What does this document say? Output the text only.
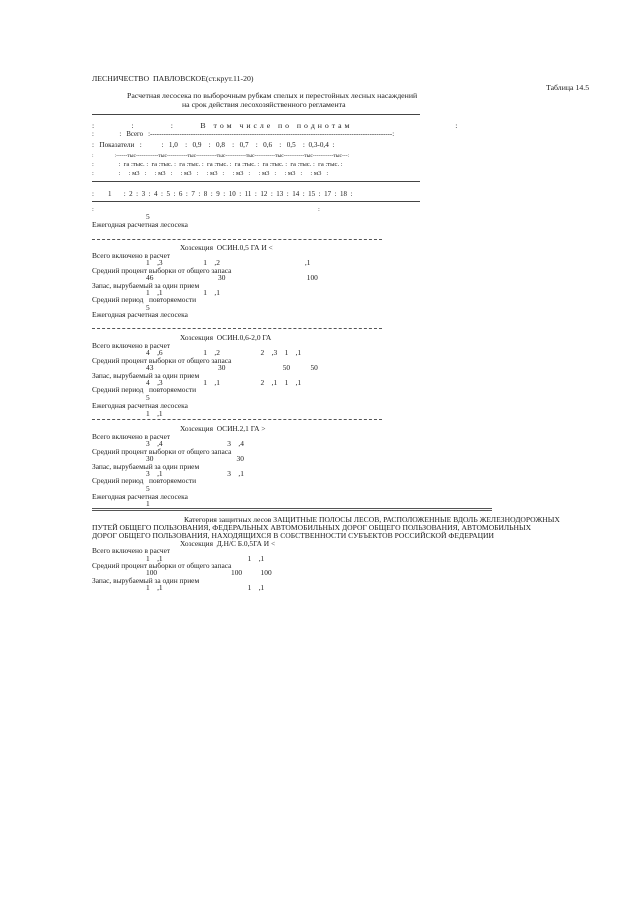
ЛЕСНИЧЕСТВО  ПАВЛОВСКОЕ(ст.крут.11-20)
Таблица 14.5
Расчетная лесосека по выборочным рубкам спелых и перестойных лесных насаждений
на срок действия лесохозяйственного регламента
:               :               :           В   т о м   ч и с л е   п о   п о д н о т а м                                           :
:               :   Всего   :-----------------------------------------------------------------------------------------------------------:
:   Показатели   :           :   1,0    :   0,9    :   0,8    :   0,7    :   0,6    :   0,5    :  0,3-0,4  :
:               :------тыс------------тыс-----------тыс-----------тыс-----------тыс-----------тыс-----------тыс-----------тыс---:
:               :  га :тыс. :  га :тыс. :  га :тыс. :  га :тыс. :  га :тыс. :  га :тыс. :  га :тыс. :  га :тыс. :
:               :     : м3   :     : м3   :     : м3   :     : м3   :     : м3   :     : м3   :     : м3   :     : м3   :
:        1       :  2  :  3  :  4  :  5  :  6  :  7  :  8  :  9  :  10  :  11  :  12  :  13  :  14  :  15  :  17  :  18  :
:                                                                                                                                        :
5
Ежегодная расчетная лесосека
Хозсекция  ОСИН.0,5 ГА И <
Всего включено в расчет
1    ,3                      1    ,2                                              ,1
Средний процент выборки от общего запаса
46                                   30                                            100
Запас, вырубаемый за один прием
1    ,1                      1    ,1
Средний период   повторяемости
5
Ежегодная расчетная лесосека
Хозсекция  ОСИН.0,6-2,0 ГА
Всего включено в расчет
4    ,6                      1    ,2                      2    ,3    1    ,1
Средний процент выборки от общего запаса
43                                   30                               50           50
Запас, вырубаемый за один прием
4    ,3                      1    ,1                      2    ,1    1    ,1
Средний период   повторяемости
5
Ежегодная расчетная лесосека
1    ,1
Хозсекция  ОСИН.2,1 ГА >
Всего включено в расчет
3    ,4                                   3    ,4
Средний процент выборки от общего запаса
30                                             30
Запас, вырубаемый за один прием
3    ,1                                   3    ,1
Средний период   повторяемости
5
Ежегодная расчетная лесосека
1
Категория защитных лесов ЗАЩИТНЫЕ ПОЛОСЫ ЛЕСОВ, РАСПОЛОЖЕННЫЕ ВДОЛЬ ЖЕЛЕЗНОДОРОЖНЫХ
ПУТЕЙ ОБЩЕГО ПОЛЬЗОВАНИЯ, ФЕДЕРАЛЬНЫХ АВТОМОБИЛЬНЫХ ДОРОГ ОБЩЕГО ПОЛЬЗОВАНИЯ, АВТОМОБИЛЬНЫХ
ДОРОГ ОБЩЕГО ПОЛЬЗОВАНИЯ, НАХОДЯЩИХСЯ В СОБСТВЕННОСТИ СУБЪЕКТОВ РОССИЙСКОЙ ФЕДЕРАЦИИ
Хозсекция  Д.Н/С Б.0,5ГА И <
Всего включено в расчет
1    ,1                                              1    ,1
Средний процент выборки от общего запаса
100                                        100          100
Запас, вырубаемый за один прием
1    ,1                                              1    ,1
